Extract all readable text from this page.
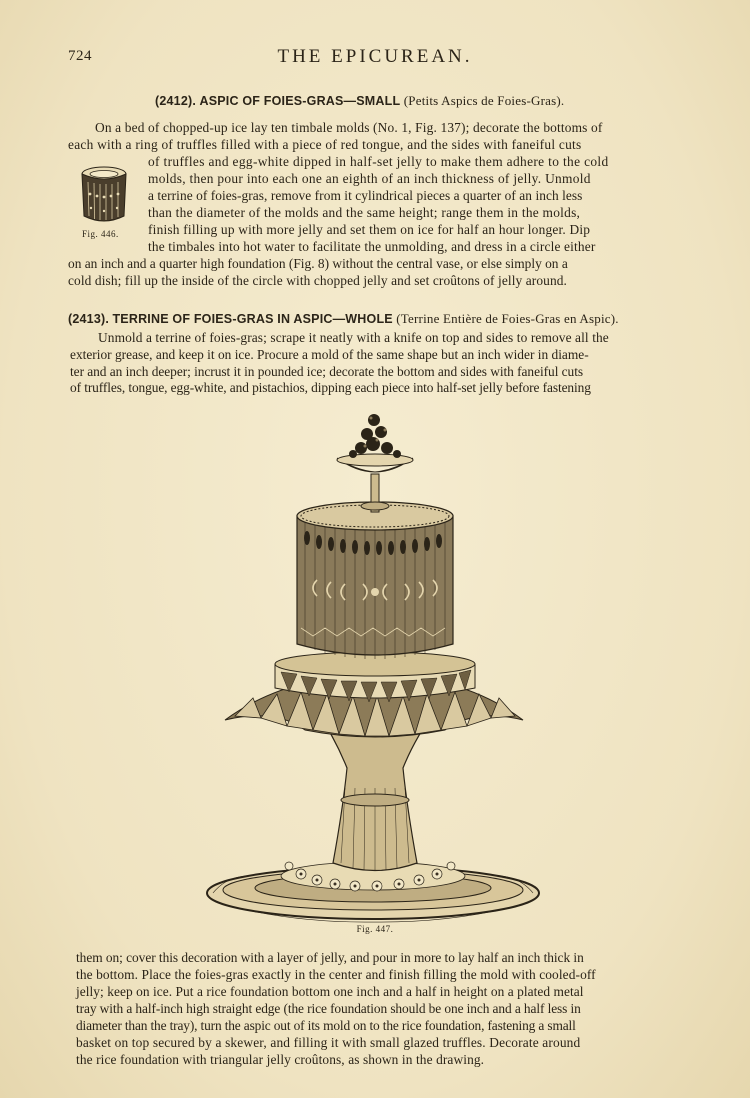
724	THE EPICUREAN.
(2412). ASPIC OF FOIES-GRAS—SMALL (Petits Aspics de Foies-Gras).
On a bed of chopped-up ice lay ten timbale molds (No. 1, Fig. 137); decorate the bottoms of
each with a ring of truffles filled with a piece of red tongue, and the sides with faneiful cuts
of truffles and egg-white dipped in half-set jelly to make them adhere to the cold
molds, then pour into each one an eighth of an inch thickness of jelly. Unmold
a terrine of foies-gras, remove from it cylindrical pieces a quarter of an inch less
than the diameter of the molds and the same height; range them in the molds,
finish filling up with more jelly and set them on ice for half an hour longer. Dip
the timbales into hot water to facilitate the unmolding, and dress in a circle either
on an inch and a quarter high foundation (Fig. 8) without the central vase, or else simply on a
cold dish; fill up the inside of the circle with chopped jelly and set croûtons of jelly around.
Fig. 446.
(2413). TERRINE OF FOIES-GRAS IN ASPIC—WHOLE (Terrine Entière de Foies-Gras en Aspic).
Unmold a terrine of foies-gras; scrape it neatly with a knife on top and sides to remove all the
exterior grease, and keep it on ice. Procure a mold of the same shape but an inch wider in diame-
ter and an inch deeper; incrust it in pounded ice; decorate the bottom and sides with faneiful cuts
of truffles, tongue, egg-white, and pistachios, dipping each piece into half-set jelly before fastening
Fig. 447.
them on; cover this decoration with a layer of jelly, and pour in more to lay half an inch thick in
the bottom. Place the foies-gras exactly in the center and finish filling the mold with cooled-off
jelly; keep on ice. Put a rice foundation bottom one inch and a half in height on a plated metal
tray with a half-inch high straight edge (the rice foundation should be one inch and a half less in
diameter than the tray), turn the aspic out of its mold on to the rice foundation, fastening a small
basket on top secured by a skewer, and filling it with small glazed truffles. Decorate around
the rice foundation with triangular jelly croûtons, as shown in the drawing.
